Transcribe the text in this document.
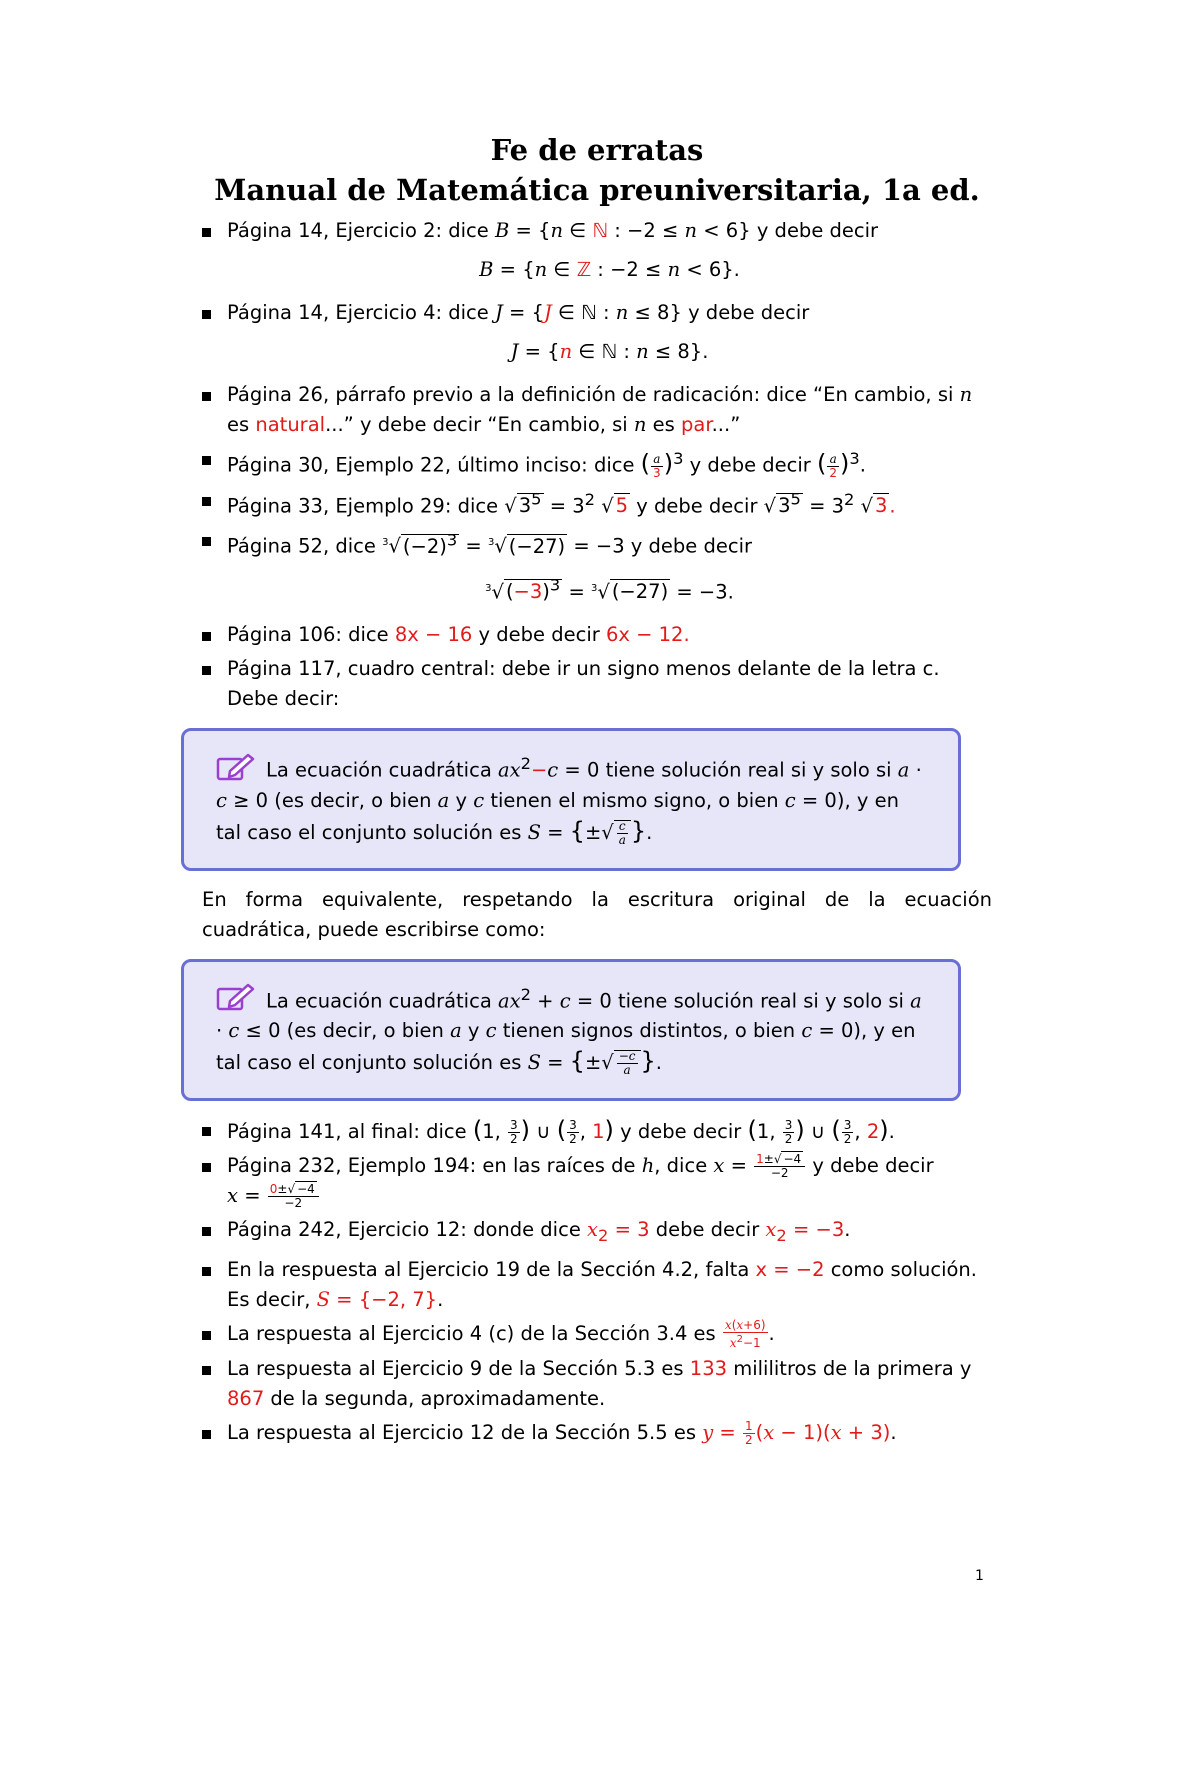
Fe de erratas
Manual de Matemática preuniversitaria, 1a ed.
Página 14, Ejercicio 2: dice B = {n ∈ ℕ : −2 ≤ n < 6} y debe decir
B = {n ∈ ℤ : −2 ≤ n < 6}.
Página 14, Ejercicio 4: dice J = {J ∈ ℕ : n ≤ 8} y debe decir
J = {n ∈ ℕ : n ≤ 8}.
Página 26, párrafo previo a la definición de radicación: dice “En cambio, si n es natural...” y debe decir “En cambio, si n es par...”
Página 30, Ejemplo 22, último inciso: dice ( $\frac{a}{3} )^3$ y debe decir ( $\frac{a}{2} )^3$.
Página 33, Ejemplo 29: dice √ $3^5 = 3^2$ √ 5 y debe decir √ $3^5 = 3^2$ √ 3 .
Página 52, dice $^3$√ $(-2)^3 = ^3√$ (−27) = −3 y debe decir
$^3$√ $(-3)^3 = ^3√$ (−27) = −3.
Página 106: dice 8x − 16 y debe decir 6x − 12.
Página 117, cuadro central: debe ir un signo menos delante de la letra c. Debe decir:
La ecuación cuadrática $ax^2-c = 0$ tiene solución real si y solo si a · c ≥ 0 (es decir, o bien a y c tienen el mismo signo, o bien c = 0), y en tal caso el conjunto solución es S = {±√ $\frac{c}{a}$ }.

En forma equivalente, respetando la escritura original de la ecuación cuadrática, puede escribirse como:

La ecuación cuadrática $ax^2 + c = 0$ tiene solución real si y solo si a · c ≤ 0 (es decir, o bien a y c tienen signos distintos, o bien c = 0), y en tal caso el conjunto solución es S = {±√ $\frac{-c}{a}$ }.
Página 141, al final: dice (1, $\frac{3}{2}$ ) ∪ ( $\frac{3}{2}$ , 1) y debe decir (1, $\frac{3}{2}$ ) ∪ ( $\frac{3}{2}$ , 2).
Página 232, Ejemplo 194: en las raíces de h, dice $x = \frac{1\pm√ -4}{-2}$ y debe decir
$x = \frac{0\pm√ -4}{-2}$
Página 242, Ejercicio 12: donde dice $x_2 = 3$ debe decir $x_2 = -3$.
En la respuesta al Ejercicio 19 de la Sección 4.2, falta x = −2 como solución. Es decir, S = {−2, 7}.
La respuesta al Ejercicio 4 (c) de la Sección 3.4 es $\frac{x(x+6)}{x^2-1}$ .
La respuesta al Ejercicio 9 de la Sección 5.3 es 133 mililitros de la primera y 867 de la segunda, aproximadamente.
La respuesta al Ejercicio 12 de la Sección 5.5 es $y = \frac{1}{2} (x - 1)(x + 3)$.
1
